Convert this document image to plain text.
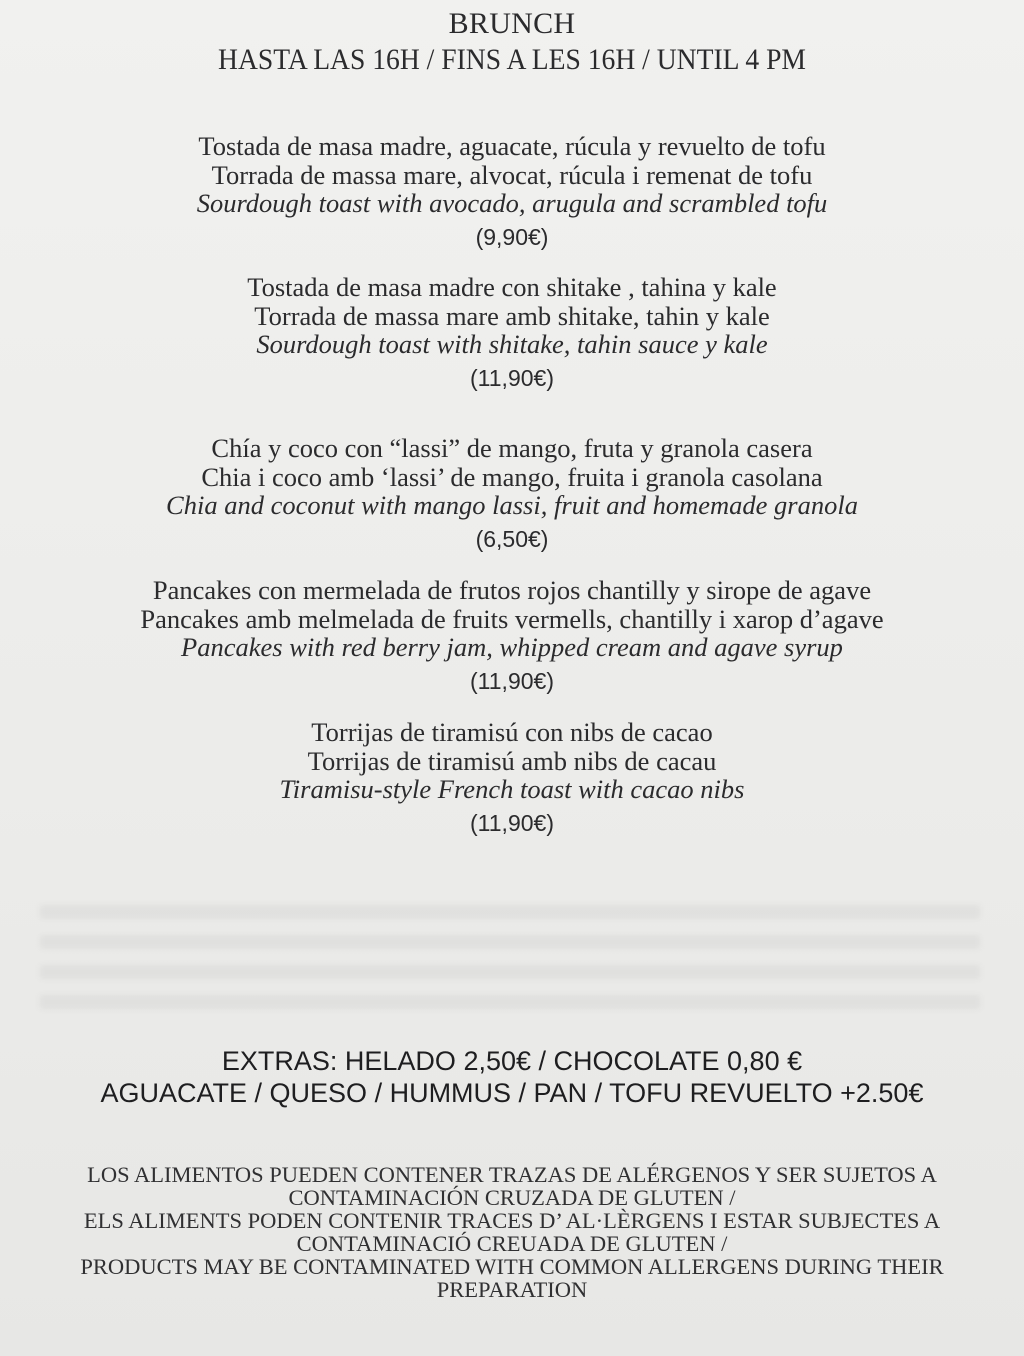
BRUNCH
HASTA LAS 16H / FINS A LES 16H / UNTIL 4 PM
Tostada de masa madre, aguacate, rúcula y revuelto de tofu
Torrada de massa mare, alvocat, rúcula i remenat de tofu
Sourdough toast with avocado, arugula and scrambled tofu
(9,90€)
Tostada de masa madre con shitake , tahina y kale
Torrada de massa mare amb shitake, tahin y kale
Sourdough toast with shitake, tahin sauce y kale
(11,90€)
Chía y coco con “lassi” de mango, fruta y granola casera
Chia i coco amb ‘lassi’ de mango, fruita i granola casolana
Chia and coconut with mango lassi, fruit and homemade granola
(6,50€)
Pancakes con mermelada de frutos rojos chantilly y sirope de agave
Pancakes amb melmelada de fruits vermells, chantilly i xarop d’agave
Pancakes with red berry jam, whipped cream and agave syrup
(11,90€)
Torrijas de tiramisú con nibs de cacao
Torrijas de tiramisú amb nibs de cacau
Tiramisu-style French toast with cacao nibs
(11,90€)
EXTRAS: HELADO 2,50€ / CHOCOLATE 0,80 €
AGUACATE / QUESO / HUMMUS / PAN / TOFU REVUELTO +2.50€
LOS ALIMENTOS PUEDEN CONTENER TRAZAS DE ALÉRGENOS Y SER SUJETOS A
CONTAMINACIÓN CRUZADA DE GLUTEN /
ELS ALIMENTS PODEN CONTENIR TRACES D’ AL·LÈRGENS I ESTAR SUBJECTES A
CONTAMINACIÓ CREUADA DE GLUTEN /
PRODUCTS MAY BE CONTAMINATED WITH COMMON ALLERGENS DURING THEIR
PREPARATION
